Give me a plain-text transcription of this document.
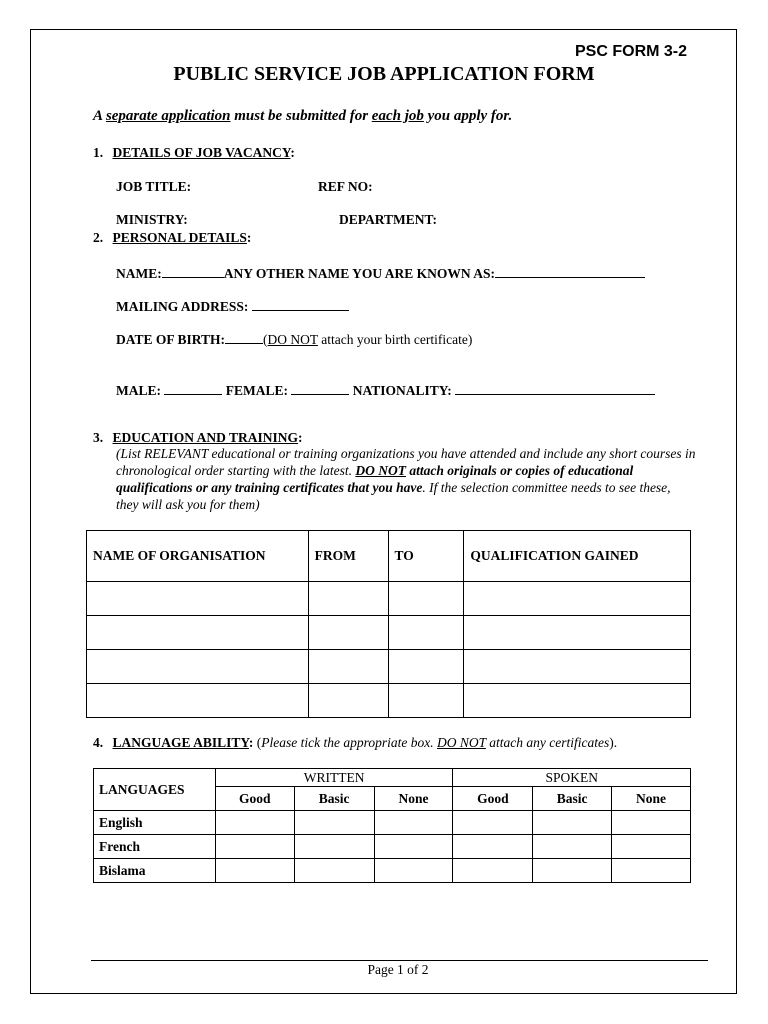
PSC FORM 3-2
PUBLIC SERVICE JOB APPLICATION FORM
A separate application must be submitted for each job you apply for.
1. DETAILS OF JOB VACANCY:
JOB TITLE:	REF NO:
MINISTRY:	DEPARTMENT:
2. PERSONAL DETAILS:
NAME:	ANY OTHER NAME YOU ARE KNOWN AS:
MAILING ADDRESS:
DATE OF BIRTH:	(DO NOT attach your birth certificate)
MALE:	FEMALE:	NATIONALITY:
3. EDUCATION AND TRAINING:
(List RELEVANT educational or training organizations you have attended and include any short courses in chronological order starting with the latest. DO NOT attach originals or copies of educational qualifications or any training certificates that you have. If the selection committee needs to see these, they will ask you for them)
NAME OF ORGANISATION	FROM	TO	QUALIFICATION GAINED

4. LANGUAGE ABILITY: (Please tick the appropriate box. DO NOT attach any certificates).
LANGUAGES	WRITTEN			SPOKEN		
	Good	Basic	None	Good	Basic	None
English						
French						
Bislama						
Page 1 of 2
